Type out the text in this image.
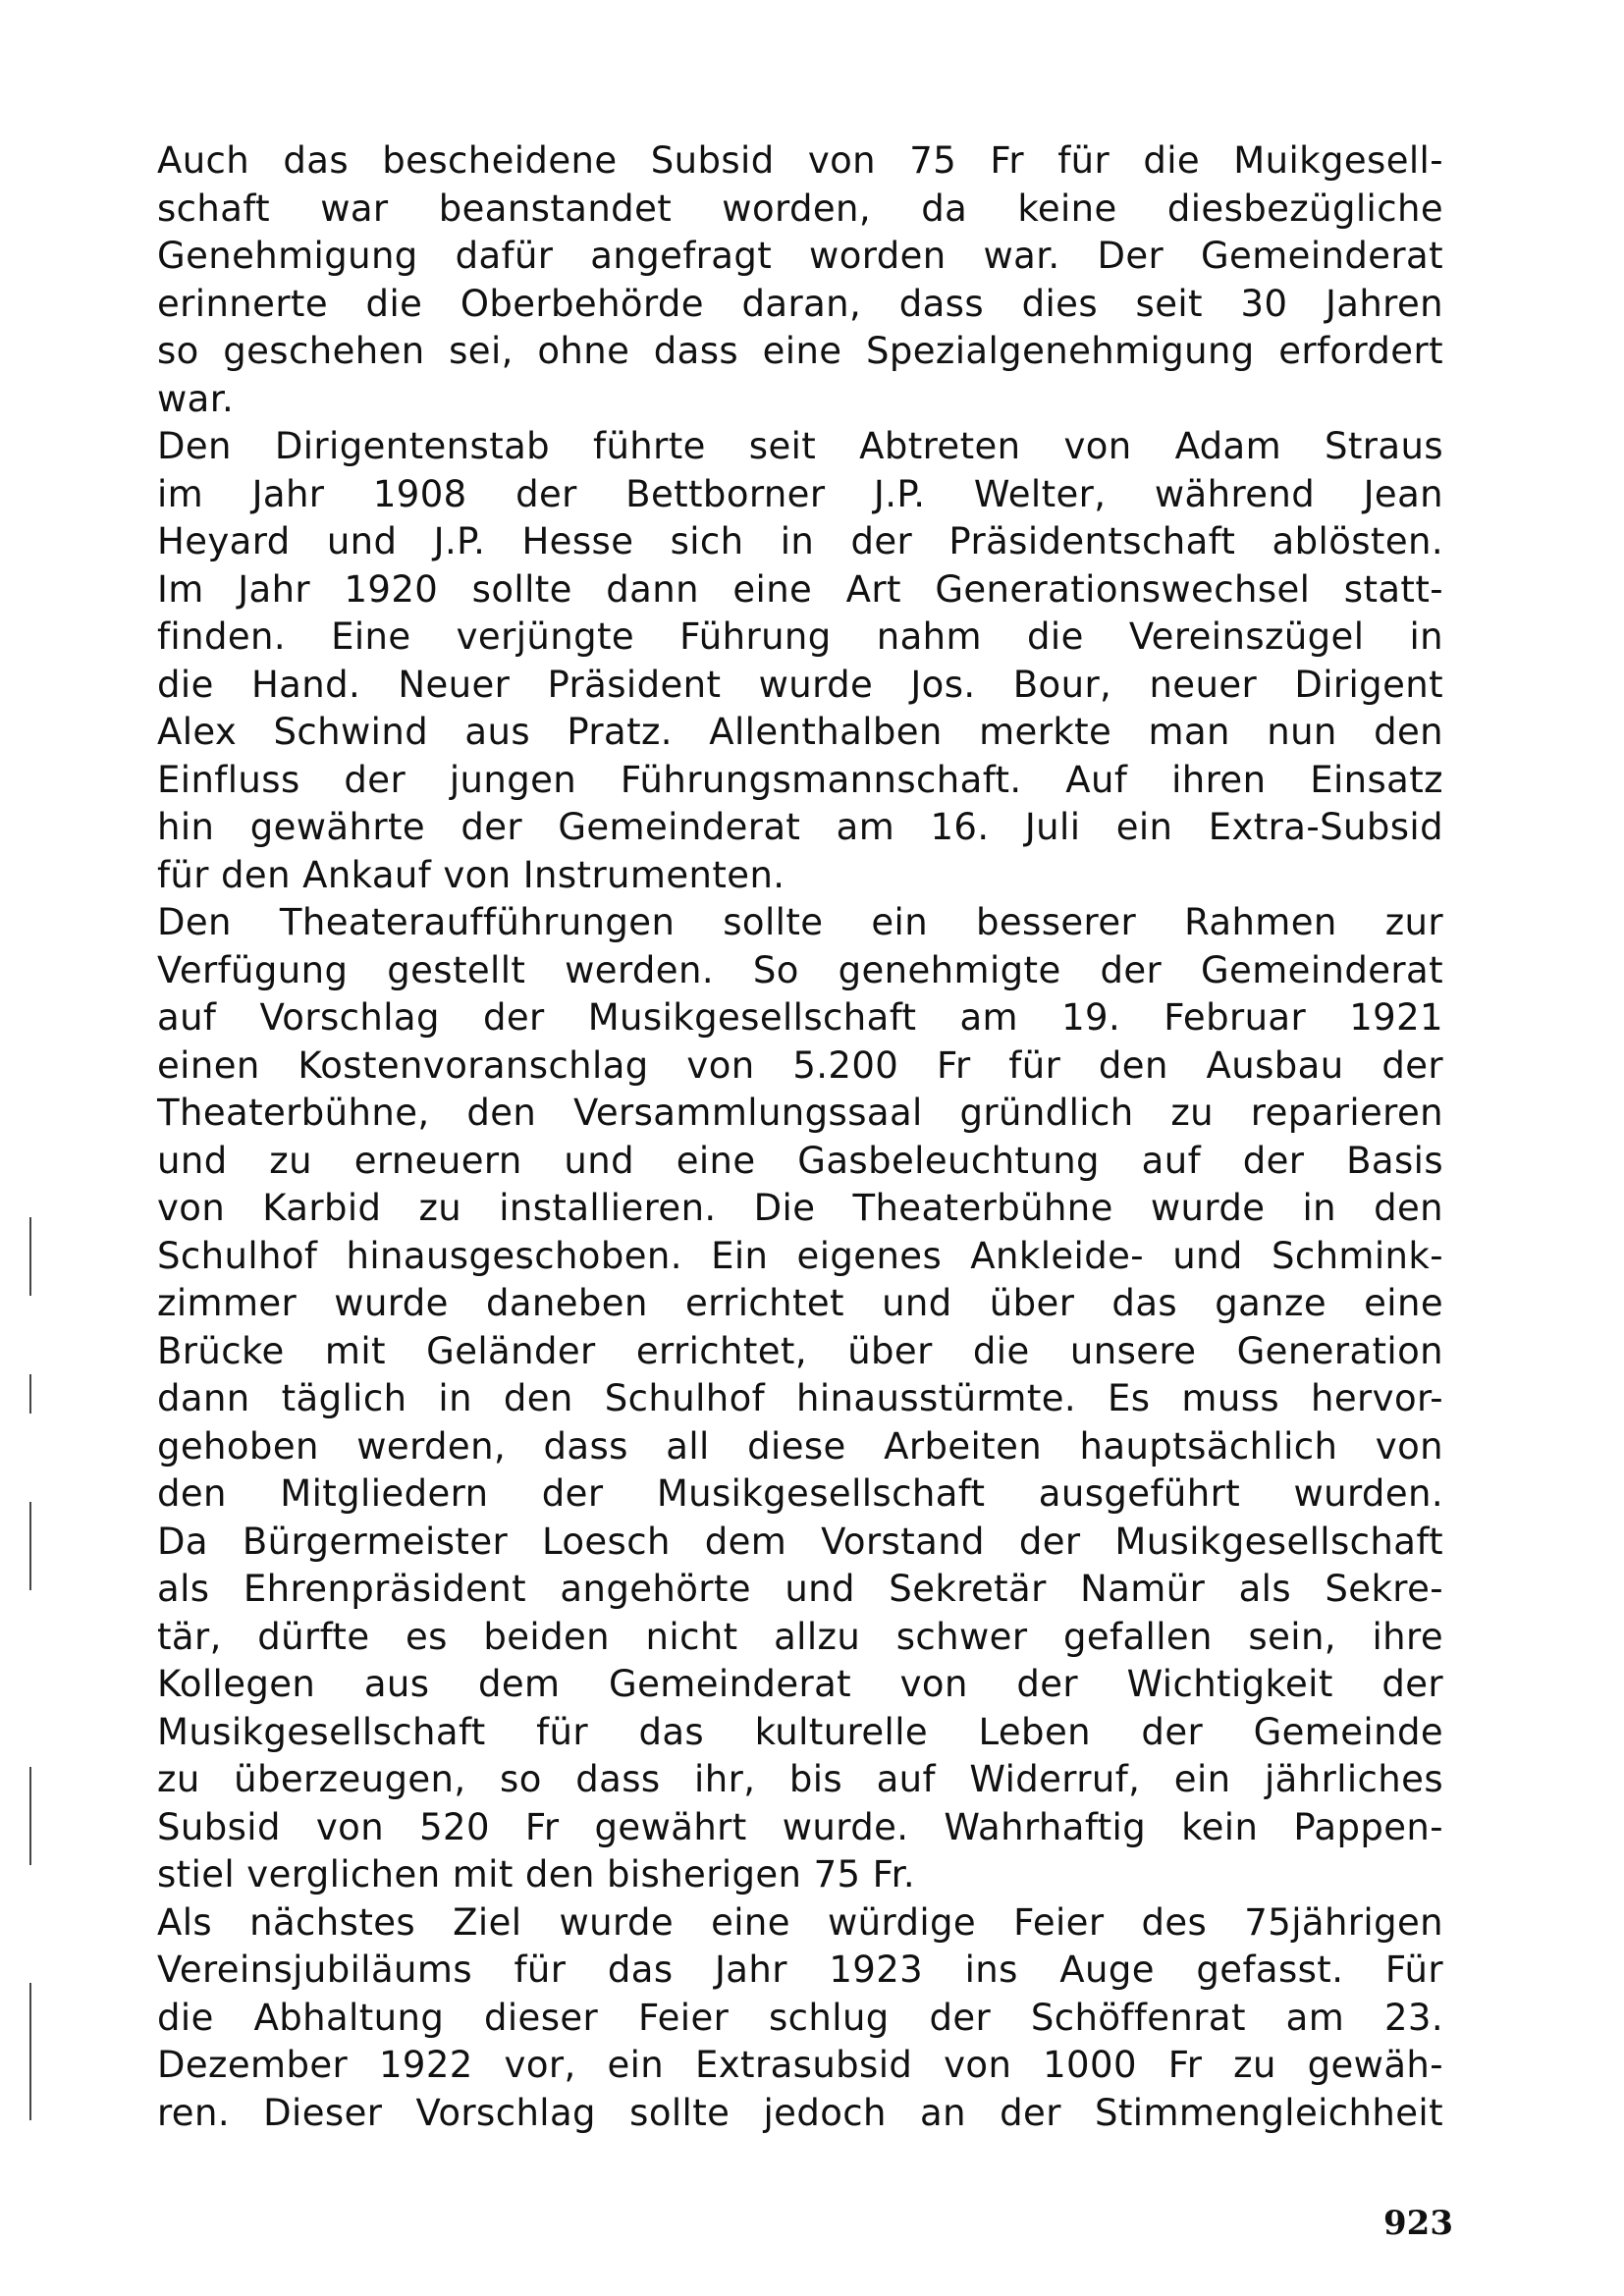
Auch das bescheidene Subsid von 75 Fr für die Muikgesell-
schaft war beanstandet worden, da keine diesbezügliche
Genehmigung dafür angefragt worden war. Der Gemeinderat
erinnerte die Oberbehörde daran, dass dies seit 30 Jahren
so geschehen sei, ohne dass eine Spezialgenehmigung erfordert
war.
Den Dirigentenstab führte seit Abtreten von Adam Straus
im Jahr 1908 der Bettborner J.P. Welter, während Jean
Heyard und J.P. Hesse sich in der Präsidentschaft ablösten.
Im Jahr 1920 sollte dann eine Art Generationswechsel statt-
finden. Eine verjüngte Führung nahm die Vereinszügel in
die Hand. Neuer Präsident wurde Jos. Bour, neuer Dirigent
Alex Schwind aus Pratz. Allenthalben merkte man nun den
Einfluss der jungen Führungsmannschaft. Auf ihren Einsatz
hin gewährte der Gemeinderat am 16. Juli ein Extra-Subsid
für den Ankauf von Instrumenten.
Den Theateraufführungen sollte ein besserer Rahmen zur
Verfügung gestellt werden. So genehmigte der Gemeinderat
auf Vorschlag der Musikgesellschaft am 19. Februar 1921
einen Kostenvoranschlag von 5.200 Fr für den Ausbau der
Theaterbühne, den Versammlungssaal gründlich zu reparieren
und zu erneuern und eine Gasbeleuchtung auf der Basis
von Karbid zu installieren. Die Theaterbühne wurde in den
Schulhof hinausgeschoben. Ein eigenes Ankleide- und Schmink-
zimmer wurde daneben errichtet und über das ganze eine
Brücke mit Geländer errichtet, über die unsere Generation
dann täglich in den Schulhof hinausstürmte. Es muss hervor-
gehoben werden, dass all diese Arbeiten hauptsächlich von
den Mitgliedern der Musikgesellschaft ausgeführt wurden.
Da Bürgermeister Loesch dem Vorstand der Musikgesellschaft
als Ehrenpräsident angehörte und Sekretär Namür als Sekre-
tär, dürfte es beiden nicht allzu schwer gefallen sein, ihre
Kollegen aus dem Gemeinderat von der Wichtigkeit der
Musikgesellschaft für das kulturelle Leben der Gemeinde
zu überzeugen, so dass ihr, bis auf Widerruf, ein jährliches
Subsid von 520 Fr gewährt wurde. Wahrhaftig kein Pappen-
stiel verglichen mit den bisherigen 75 Fr.
Als nächstes Ziel wurde eine würdige Feier des 75jährigen
Vereinsjubiläums für das Jahr 1923 ins Auge gefasst. Für
die Abhaltung dieser Feier schlug der Schöffenrat am 23.
Dezember 1922 vor, ein Extrasubsid von 1000 Fr zu gewäh-
ren. Dieser Vorschlag sollte jedoch an der Stimmengleichheit
923
